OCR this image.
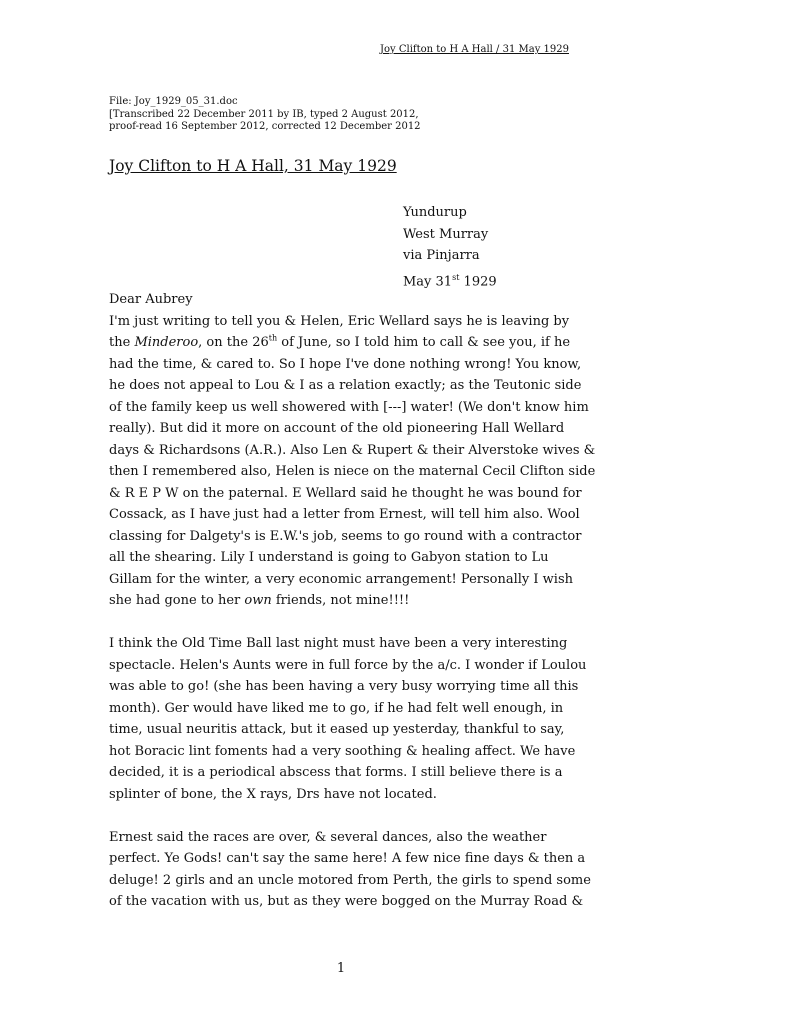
Joy Clifton to H A Hall / 31 May 1929
File: Joy_1929_05_31.doc
[Transcribed 22 December 2011 by IB, typed 2 August 2012,
proof-read 16 September 2012, corrected 12 December 2012
Joy Clifton to H A Hall, 31 May 1929
Yundurup
West Murray
via Pinjarra
May 31st 1929
Dear Aubrey
I'm just writing to tell you & Helen, Eric Wellard says he is leaving by
the Minderoo, on the 26th of June, so I told him to call & see you, if he
had the time, & cared to. So I hope I've done nothing wrong! You know,
he does not appeal to Lou & I as a relation exactly; as the Teutonic side
of the family keep us well showered with [---] water! (We don't know him
really). But did it more on account of the old pioneering Hall Wellard
days & Richardsons (A.R.). Also Len & Rupert & their Alverstoke wives &
then I remembered also, Helen is niece on the maternal Cecil Clifton side
& R E P W on the paternal. E Wellard said he thought he was bound for
Cossack, as I have just had a letter from Ernest, will tell him also. Wool
classing for Dalgety's is E.W.'s job, seems to go round with a contractor
all the shearing. Lily I understand is going to Gabyon station to Lu
Gillam for the winter, a very economic arrangement! Personally I wish
she had gone to her own friends, not mine!!!!
I think the Old Time Ball last night must have been a very interesting
spectacle. Helen's Aunts were in full force by the a/c. I wonder if Loulou
was able to go! (she has been having a very busy worrying time all this
month). Ger would have liked me to go, if he had felt well enough, in
time, usual neuritis attack, but it eased up yesterday, thankful to say,
hot Boracic lint foments had a very soothing & healing affect. We have
decided, it is a periodical abscess that forms. I still believe there is a
splinter of bone, the X rays, Drs have not located.
Ernest said the races are over, & several dances, also the weather
perfect. Ye Gods! can't say the same here! A few nice fine days & then a
deluge! 2 girls and an uncle motored from Perth, the girls to spend some
of the vacation with us, but as they were bogged on the Murray Road &
1
